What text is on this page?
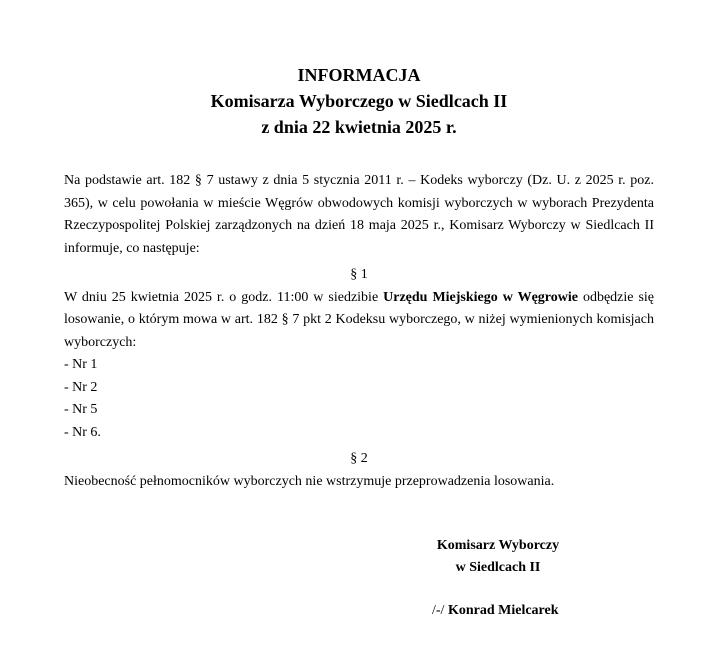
INFORMACJA
Komisarza Wyborczego w Siedlcach II
z dnia 22 kwietnia 2025 r.
Na podstawie art. 182 § 7 ustawy z dnia 5 stycznia 2011 r. – Kodeks wyborczy (Dz. U. z 2025 r. poz. 365), w celu powołania w mieście Węgrów obwodowych komisji wyborczych w wyborach Prezydenta Rzeczypospolitej Polskiej zarządzonych na dzień 18 maja 2025 r., Komisarz Wyborczy w Siedlcach II informuje, co następuje:
§ 1
W dniu 25 kwietnia 2025 r. o godz. 11:00 w siedzibie Urzędu Miejskiego w Węgrowie odbędzie się losowanie, o którym mowa w art. 182 § 7 pkt 2 Kodeksu wyborczego, w niżej wymienionych komisjach wyborczych:
- Nr 1
- Nr 2
- Nr 5
- Nr 6.
§ 2
Nieobecność pełnomocników wyborczych nie wstrzymuje przeprowadzenia losowania.
Komisarz Wyborczy
w Siedlcach II
/-/ Konrad Mielcarek
